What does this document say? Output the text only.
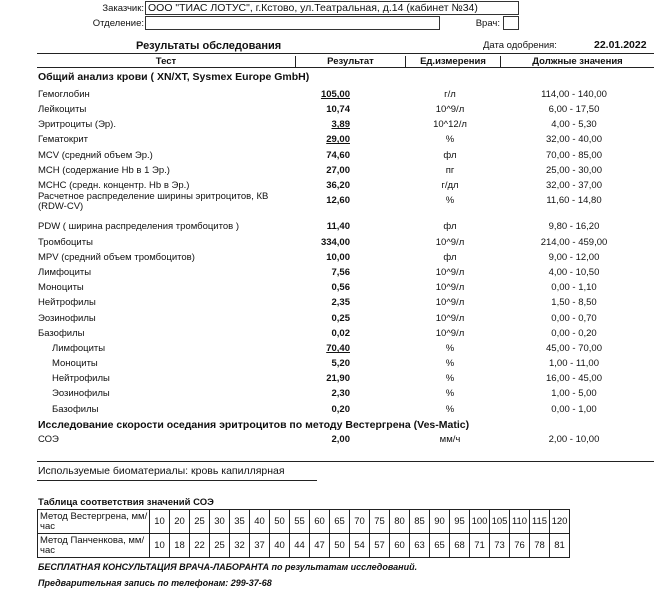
Заказчик: ООО "ТИАС ЛОТУС", г.Кстово, ул.Театральная, д.14 (кабинет №34)
Отделение:	Врач:
Результаты обследования	Дата одобрения:	22.01.2022
Тест	Результат	Ед.измерения	Должные значения
Общий анализ крови ( XN/XT, Sysmex Europe GmbH)
Гемоглобин	105,00	г/л	114,00 - 140,00
Лейкоциты	10,74	10^9/л	6,00 - 17,50
Эритроциты (Эр).	3,89	10^12/л	4,00 - 5,30
Гематокрит	29,00	%	32,00 - 40,00
MCV (средний объем Эр.)	74,60	фл	70,00 - 85,00
MCH (содержание Hb в 1 Эр.)	27,00	пг	25,00 - 30,00
MCHC (средн. концентр. Hb в Эр.)	36,20	г/дл	32,00 - 37,00
Расчетное распределение ширины эритроцитов, КВ (RDW-CV)
12,60	%	11,60 - 14,80
PDW ( ширина распределения тромбоцитов )	11,40	фл	9,80 - 16,20
Тромбоциты	334,00	10^9/л	214,00 - 459,00
MPV (средний объем тромбоцитов)	10,00	фл	9,00 - 12,00
Лимфоциты	7,56	10^9/л	4,00 - 10,50
Моноциты	0,56	10^9/л	0,00 - 1,10
Нейтрофилы	2,35	10^9/л	1,50 - 8,50
Эозинофилы	0,25	10^9/л	0,00 - 0,70
Базофилы	0,02	10^9/л	0,00 - 0,20
Лимфоциты	70,40	%	45,00 - 70,00
Моноциты	5,20	%	1,00 - 11,00
Нейтрофилы	21,90	%	16,00 - 45,00
Эозинофилы	2,30	%	1,00 - 5,00
Базофилы	0,20	%	0,00 - 1,00
Исследование скорости оседания эритроцитов по методу Вестергрена (Ves-Matic)
СОЭ	2,00	мм/ч	2,00 - 10,00
Используемые биоматериалы: кровь капиллярная
Таблица соответствия значений СОЭ
Метод Вестергрена, мм/час	10	20	25	30	35	40	50	55	60	65	70	75	80	85	90	95	100	105	110	115	120
Метод Панченкова, мм/час	10	18	22	25	32	37	40	44	47	50	54	57	60	63	65	68	71	73	76	78	81
БЕСПЛАТНАЯ КОНСУЛЬТАЦИЯ ВРАЧА-ЛАБОРАНТА по результатам исследований.
Предварительная запись по телефонам: 299-37-68
